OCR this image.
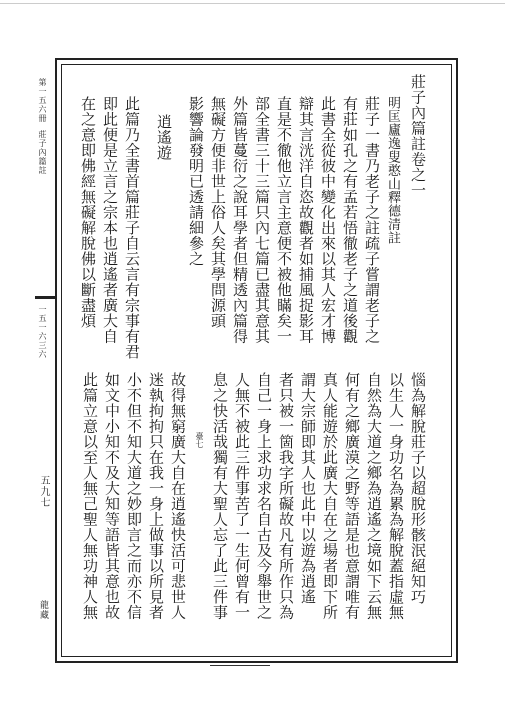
第一五六冊
莊子內篇註
一五一六三六
五九七
龍藏
莊子內篇註卷之一
明匡廬逸叟憨山釋德清註
莊子一書乃老子之註疏子嘗謂老子之
有莊如孔之有孟若悟徹老子之道後觀
此書全從彼中變化出來以其人宏才博
辯其言洸洋自恣故觀者如捕風捉影耳
直是不徹他立言主意便不被他瞞矣一
部全書三十三篇只內七篇已盡其意其
外篇皆蔓衍之說耳學者但精透內篇得
無礙方便非世上俗人矣其學問源頭
影響論發明已透請細參之
逍遙遊
此篇乃全書首篇莊子自云言有宗事有君
即此便是立言之宗本也逍遙者廣大自
在之意即佛經無礙解脫佛以斷盡煩
惱為解脫莊子以超脫形骸泯絕知巧
以生人一身功名為累為解脫蓋指虛無
自然為大道之鄉為逍遙之境如下云無
何有之鄉廣漠之野等語是也意謂唯有
真人能遊於此廣大自在之場者即下所
謂大宗師即其人也此中以遊為逍遙
者只被一箇我字所礙故凡有所作只為
自己一身上求功求名自古及今舉世之
人無不被此三件事苦了一生何曾有一
息之快活哉獨有大聖人忘了此三件事
臺七
故得無窮廣大自在逍遙快活可悲世人
迷執拘拘只在我一身上做事以所見者
小不但不知大道之妙即言之而亦不信
如文中小知不及大知等語皆其意也故
此篇立意以至人無己聖人無功神人無
